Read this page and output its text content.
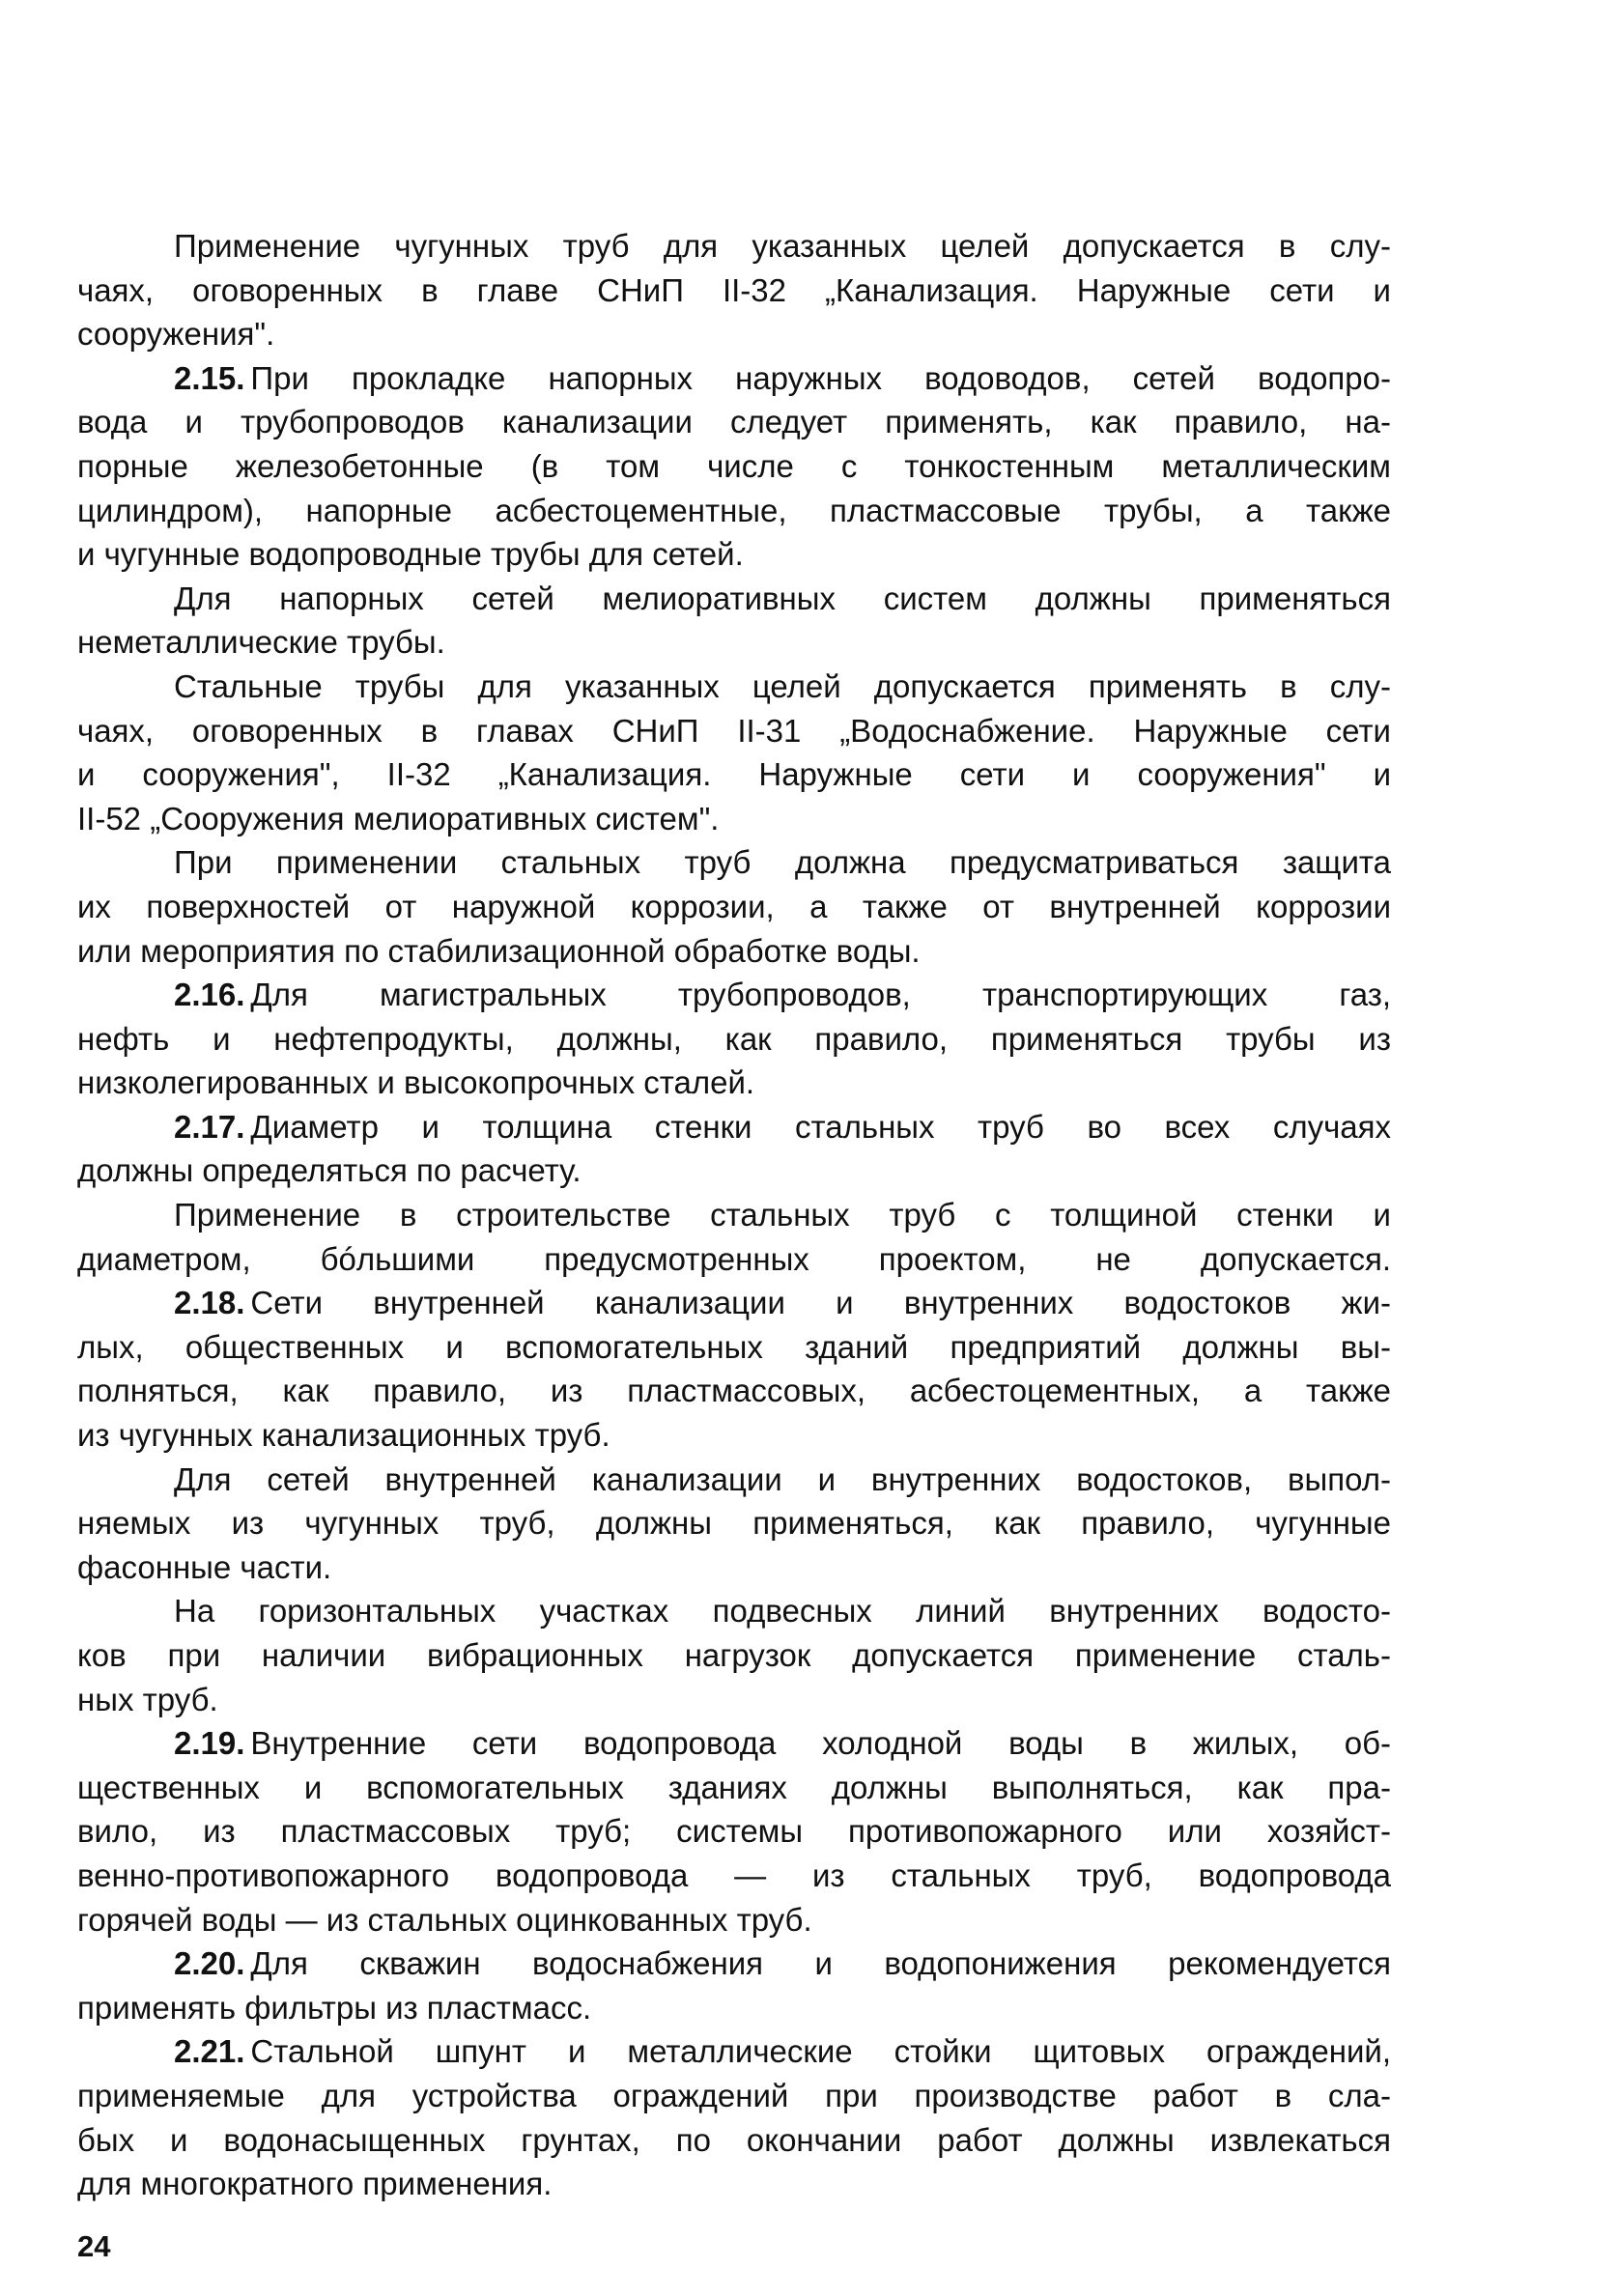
Применение чугунных труб для указанных целей допускается в слу-
чаях, оговоренных в главе СНиП II-32 „Канализация. Наружные сети и
сооружения".
2.15. При прокладке напорных наружных водоводов, сетей водопро-
вода и трубопроводов канализации следует применять, как правило, на-
порные железобетонные (в том числе с тонкостенным металлическим
цилиндром), напорные асбестоцементные, пластмассовые трубы, а также
и чугунные водопроводные трубы для сетей.
Для напорных сетей мелиоративных систем должны применяться
неметаллические трубы.
Стальные трубы для указанных целей допускается применять в слу-
чаях, оговоренных в главах СНиП II-31 „Водоснабжение. Наружные сети
и сооружения", II-32 „Канализация. Наружные сети и сооружения" и
II-52 „Сооружения мелиоративных систем".
При применении стальных труб должна предусматриваться защита
их поверхностей от наружной коррозии, а также от внутренней коррозии
или мероприятия по стабилизационной обработке воды.
2.16. Для магистральных трубопроводов, транспортирующих газ,
нефть и нефтепродукты, должны, как правило, применяться трубы из
низколегированных и высокопрочных сталей.
2.17. Диаметр и толщина стенки стальных труб во всех случаях
должны определяться по расчету.
Применение в строительстве стальных труб с толщиной стенки и
диаметром, бóльшими предусмотренных проектом, не допускается.
2.18. Сети внутренней канализации и внутренних водостоков жи-
лых, общественных и вспомогательных зданий предприятий должны вы-
полняться, как правило, из пластмассовых, асбестоцементных, а также
из чугунных канализационных труб.
Для сетей внутренней канализации и внутренних водостоков, выпол-
няемых из чугунных труб, должны применяться, как правило, чугунные
фасонные части.
На горизонтальных участках подвесных линий внутренних водосто-
ков при наличии вибрационных нагрузок допускается применение сталь-
ных труб.
2.19. Внутренние сети водопровода холодной воды в жилых, об-
щественных и вспомогательных зданиях должны выполняться, как пра-
вило, из пластмассовых труб; системы противопожарного или хозяйст-
венно-противопожарного водопровода — из стальных труб, водопровода
горячей воды — из стальных оцинкованных труб.
2.20. Для скважин водоснабжения и водопонижения рекомендуется
применять фильтры из пластмасс.
2.21. Стальной шпунт и металлические стойки щитовых ограждений,
применяемые для устройства ограждений при производстве работ в сла-
бых и водонасыщенных грунтах, по окончании работ должны извлекаться
для многократного применения.
24
